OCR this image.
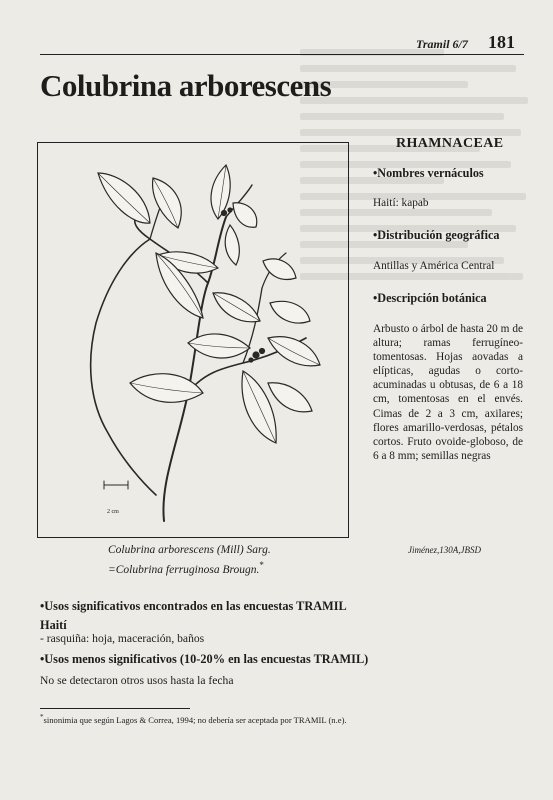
Tramil 6/7 181
Colubrina arborescens
2 cm
Colubrina arborescens (Mill) Sarg.
=Colubrina ferruginosa Brougn.*
Jiménez,130A,JBSD
RHAMNACEAE
•Nombres vernáculos
Haití: kapab
•Distribución geográfica
Antillas y América Central
•Descripción botánica
Arbusto o árbol de hasta 20 m de altura; ramas ferrugíneo-tomentosas. Hojas aovadas a elípticas, agudas o corto-acuminadas u obtusas, de 6 a 18 cm, tomentosas en el envés. Cimas de 2 a 3 cm, axilares; flores amarillo-verdosas, pétalos cortos. Fruto ovoide-globoso, de 6 a 8 mm; semillas negras
•Usos significativos encontrados en las encuestas TRAMIL
Haití
- rasquiña: hoja, maceración, baños
•Usos menos significativos (10-20% en las encuestas TRAMIL)
No se detectaron otros usos hasta la fecha
*sinonimia que según Lagos & Correa, 1994; no debería ser aceptada por TRAMIL (n.e).
